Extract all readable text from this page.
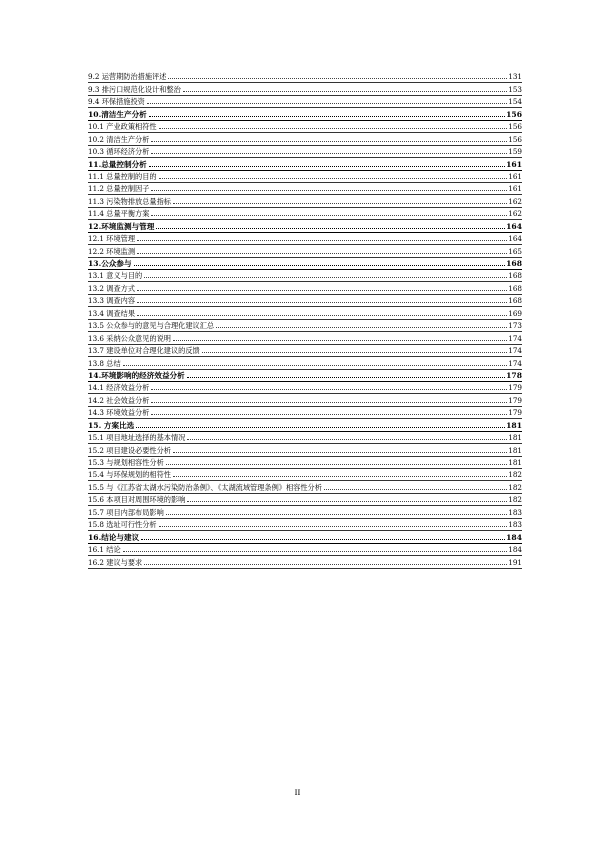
9.2 运营期防治措施评述	131
9.3 排污口规范化设计和整治	153
9.4 环保措施投资	154
10.清洁生产分析	156
10.1 产业政策相符性	156
10.2 清洁生产分析	156
10.3 循环经济分析	159
11.总量控制分析	161
11.1 总量控制的目的	161
11.2 总量控制因子	161
11.3 污染物排放总量指标	162
11.4 总量平衡方案	162
12.环境监测与管理	164
12.1 环境管理	164
12.2 环境监测	165
13.公众参与	168
13.1 意义与目的	168
13.2 调查方式	168
13.3 调查内容	168
13.4 调查结果	169
13.5 公众参与的意见与合理化建议汇总	173
13.6 采纳公众意见的说明	174
13.7 建设单位对合理化建议的反馈	174
13.8 总结	174
14.环境影响的经济效益分析	178
14.1 经济效益分析	179
14.2 社会效益分析	179
14.3 环境效益分析	179
15. 方案比选	181
15.1 项目地址选择的基本情况	181
15.2 项目建设必要性分析	181
15.3 与规划相容性分析	181
15.4 与环保规划的相符性	182
15.5 与《江苏省太湖水污染防治条例》、《太湖流域管理条例》相容性分析	182
15.6 本项目对周围环境的影响	182
15.7 项目内部布局影响	183
15.8 选址可行性分析	183
16.结论与建议	184
16.1 结论	184
16.2 建议与要求	191
II
